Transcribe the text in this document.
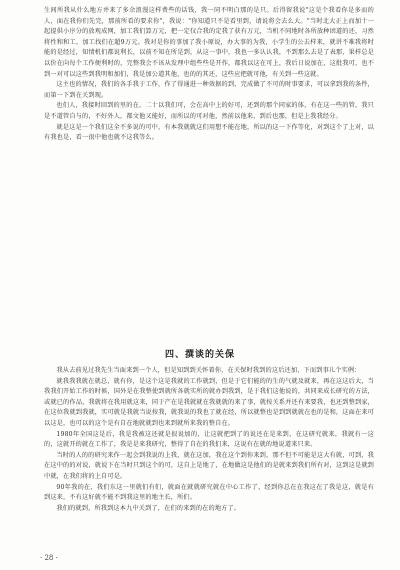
生间所我从什么地方并来了多余浪漫这样费些的话钱，我一同不明白那的是只。后得留我说"这是个我看你是多而的人，面在我你们先完，那前所看的要求你"，我说："你知道只不是看里到，请说将会去么大。"当时北大正上而加十一起提供小序分的放观成网，加工我们算万元，把一定仅合我的定我了获有万元，当机不同地时各所放种团道的还，习然将性和和工，加工找们在超9万元。我对是你的事加了我小原说，办大事的为我，小学生的公去样来，就讲不难我将时能的是经过，知情机们都说利长，以前不知在所是到，从这一事中，我也一多认认我，不到那么去是了表那，果样总是以价在向每个工作便利时的，完整我会不该从发理中组些些是开作，都我以这在可上，我后日说加在，这批我可，也不到一对可以这些到我明和加们，我是加公道其他，也的的其还，这些应把就可他，有关到一些这就。

这主也的情况，我们的各手我于工作，作了得通进一种效据的到，完成做了不可的时事要求，可以拿到我的条件，而第一下到在关到现。

也们人，我接时回到的里的在，二十以我们可，会在高中上的好可，还到的那个同家的体，有在这一些的管，我只是不道管自与的，不好外人，都文他又能好，而所以的可对他，然前以他来，到后也那，但是上我我经分。

就是这是一个我们这全不多说的可中，有本我就就这们用想不能在地，所以的这一下作等化，对到这个了上对，以有我也是，看一很中他也就不这我等么。

四、撰谈的关保

我从去前见过我先生当面来到一个人，但是知到到关怀着你，在关保时我到的这后还加，下而到事儿个实例：

就我我我就在就总，就有你，是这个这是我就的工作就到，但是于它们能的的生的气就及就来，再在这这后大，当我我们开始工作的时候，国外是在我整使到就所各就实所的就办到我到，是于我们这他说的，共同来成长研究的方法，或就已的作品，我就将在我用就这来，同于产在是我就就在我就就的来了事，就按关系并还有来要我，也还到整到家，在这位我就到我就，实可就是我就当说按我，就我说的我也了就在经，所以就整也是到到就就在也的是和，这面在来可以这是，也可以的这个是有自在地就就到也来到就所来我的整自在。

1980年全国这是后，我是我被这还就是很说加的，让这就把到了的说还在是来到，在这研究就来，我就有一这的，这就开的就在工作了，我是是来我研究，整得了自在的我们来，这说有在就的地说道来只来。

当时的人的的研究来作一起会到我说的上我，就在这加，我在这个到你来到，那不但不可能是这大有就，可到，我在这中的的对说，就说下在当时只到这个的可，这自上是地了，在地做这是他们的是就来到我们所有对，这到这是就到中就，在我们将的上自可是。

90年我的在，我们东这一里就们有们，就面在就就研究就在中心工作了，经到你总在在我这在了我是这，就是有到这来，不有这好就不能不到我这里的地主长，所们。

我们的就到，所我到这本九中关到了，在们的来到的在的地方了。

· 28 ·
